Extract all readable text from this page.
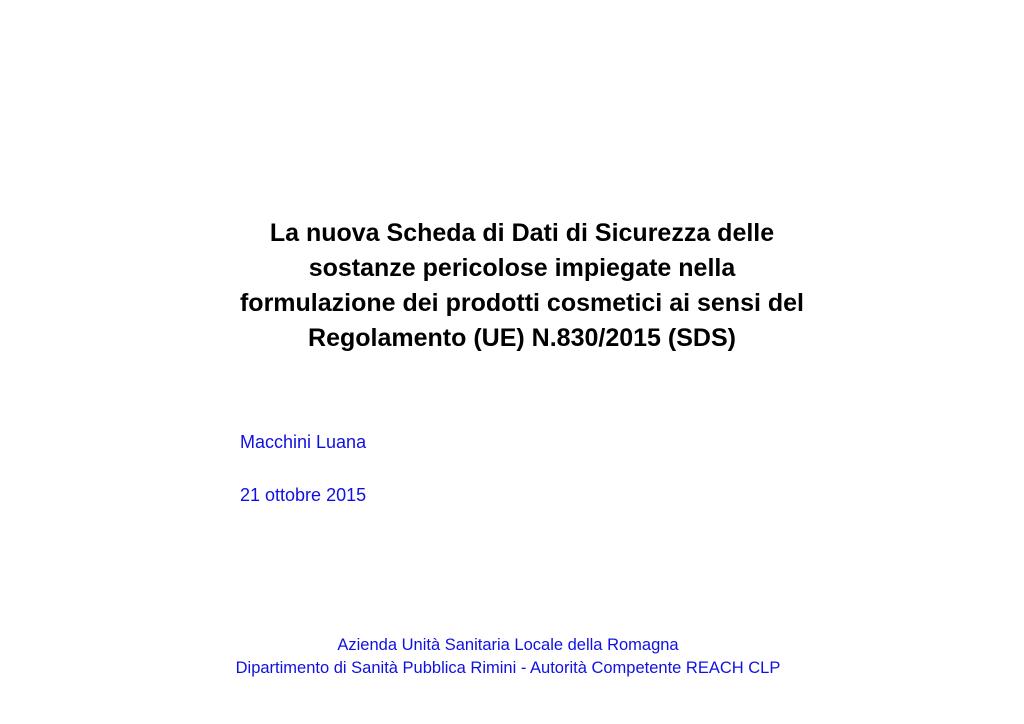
La nuova Scheda di Dati di Sicurezza delle
sostanze pericolose impiegate nella
formulazione dei prodotti cosmetici ai sensi del
Regolamento (UE) N.830/2015 (SDS)
Macchini Luana
21 ottobre 2015
Azienda Unità Sanitaria Locale della Romagna
Dipartimento di Sanità Pubblica Rimini - Autorità Competente REACH CLP
